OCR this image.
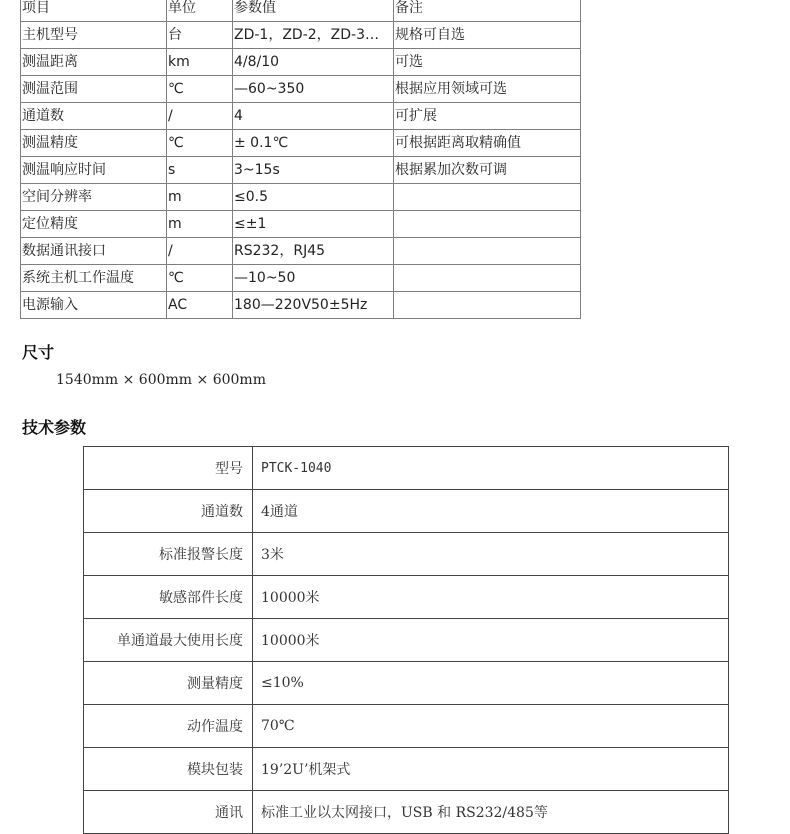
项目	单位	参数值	备注
主机型号	台	ZD-1，ZD-2，ZD-3…	规格可自选
测温距离	km	4/8/10	可选
测温范围	℃	—60~350	根据应用领域可选
通道数	/	4	可扩展
测温精度	℃	± 0.1℃	可根据距离取精确值
测温响应时间	s	3~15s	根据累加次数可调
空间分辨率	m	≤0.5	
定位精度	m	≤±1	
数据通讯接口	/	RS232，RJ45	
系统主机工作温度	℃	—10~50	
电源输入	AC	180—220V50±5Hz	
尺寸
1540mm × 600mm × 600mm
技术参数
型号	PTCK-1040
通道数	4通道
标准报警长度	3米
敏感部件长度	10000米
单通道最大使用长度	10000米
测量精度	≤10%
动作温度	70℃
模块包装	19’2U’机架式
通讯	标准工业以太网接口，USB 和 RS232/485等
